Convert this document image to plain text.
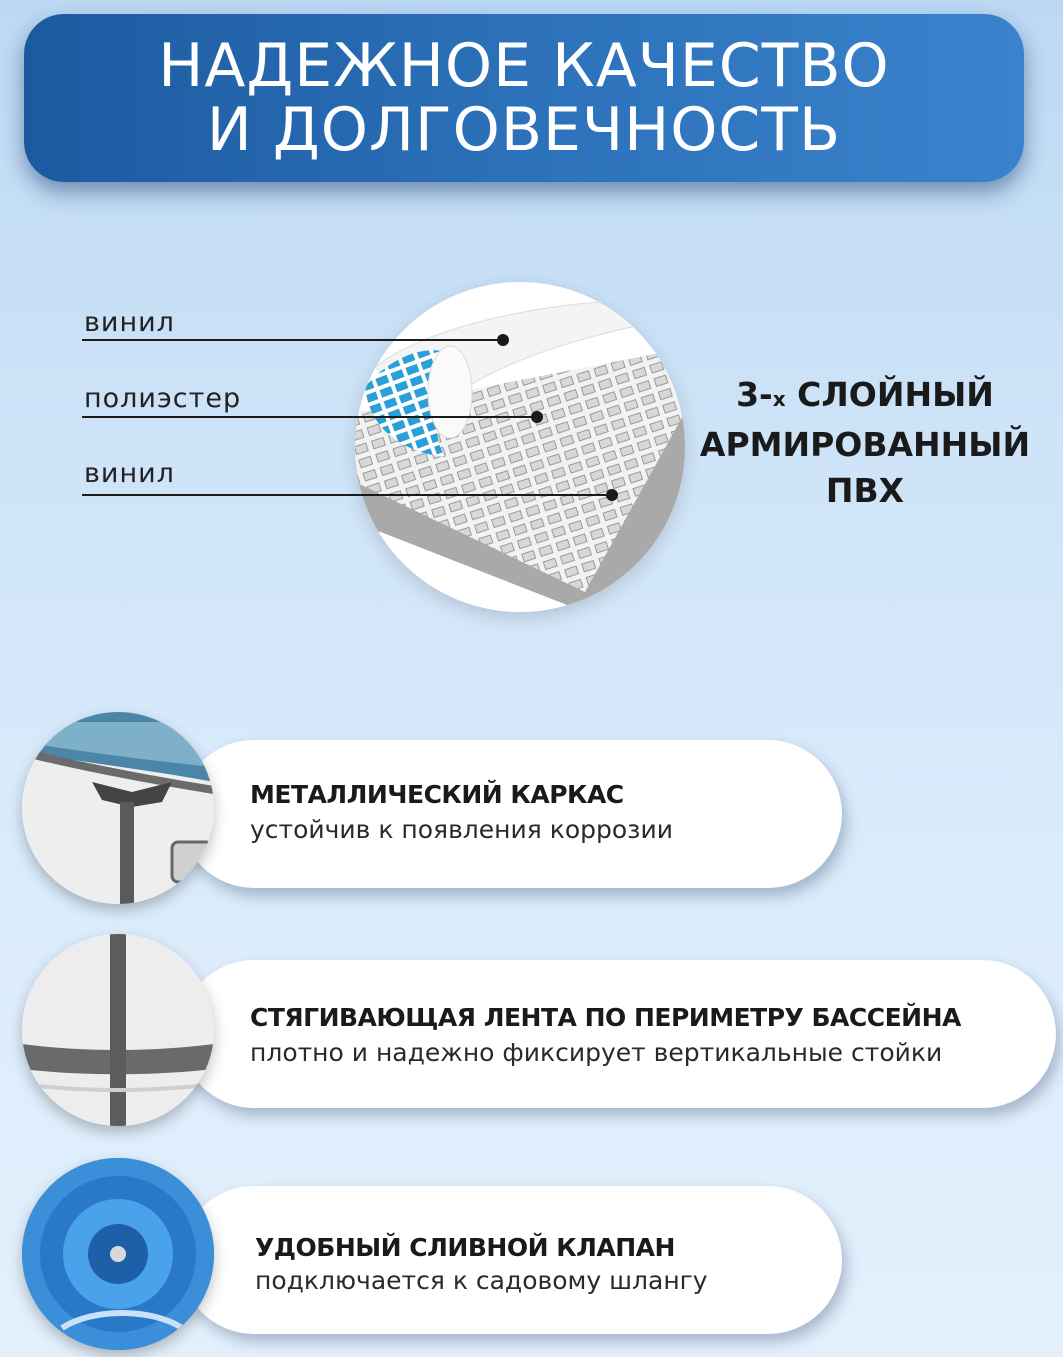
НАДЕЖНОЕ КАЧЕСТВО
И ДОЛГОВЕЧНОСТЬ
винил
полиэстер
винил
3-х СЛОЙНЫЙ
АРМИРОВАННЫЙ
ПВХ
МЕТАЛЛИЧЕСКИЙ КАРКАС
устойчив к появления коррозии
СТЯГИВАЮЩАЯ ЛЕНТА ПО ПЕРИМЕТРУ БАССЕЙНА
плотно и надежно фиксирует вертикальные стойки
УДОБНЫЙ СЛИВНОЙ КЛАПАН
подключается к садовому шлангу
